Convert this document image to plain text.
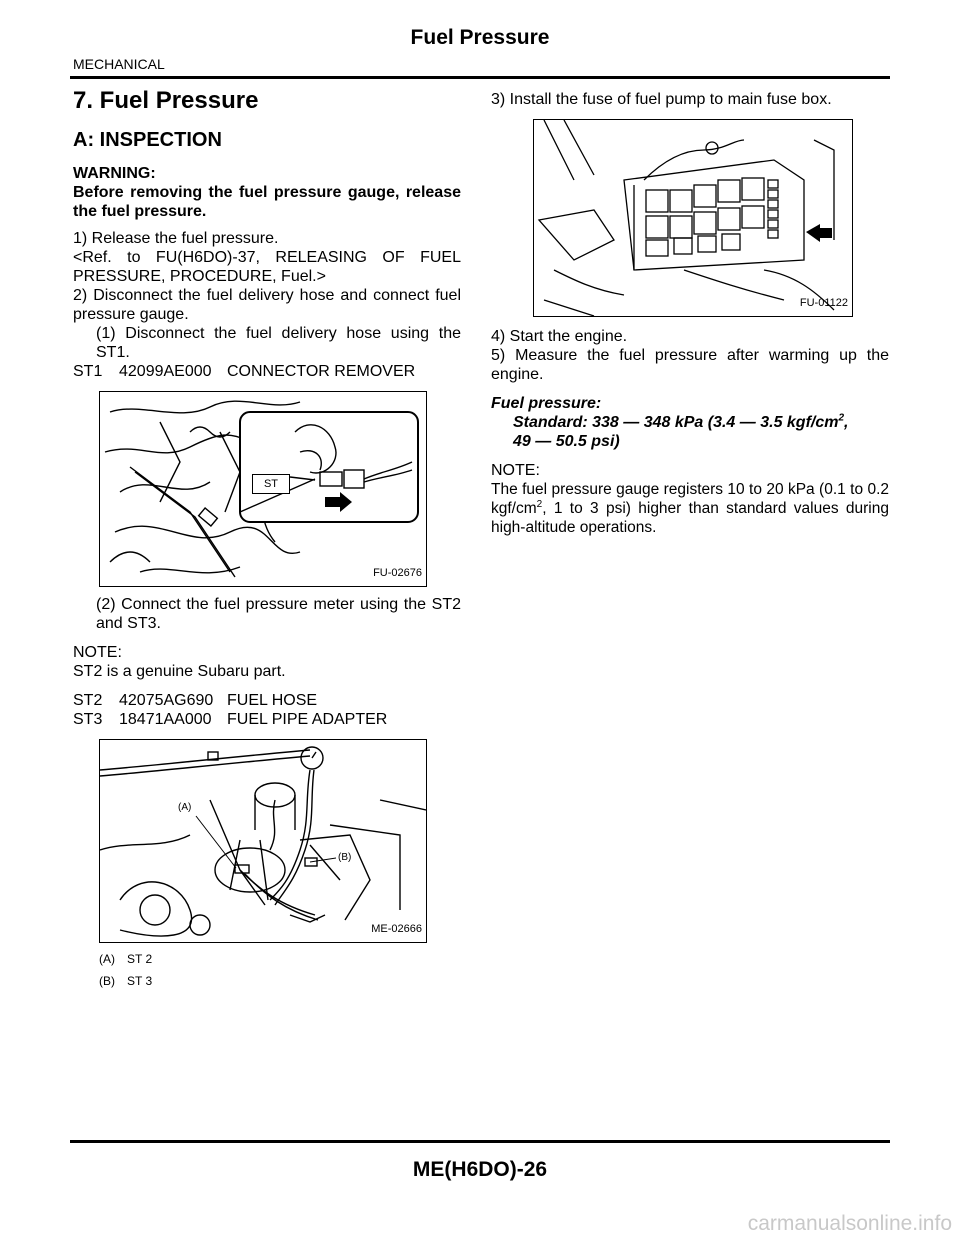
Fuel Pressure
MECHANICAL
7. Fuel Pressure
A: INSPECTION

WARNING:

Before removing the fuel pressure gauge, release the fuel pressure.

1) Release the fuel pressure.

<Ref. to FU(H6DO)-37, RELEASING OF FUEL PRESSURE, PROCEDURE, Fuel.>

2) Disconnect the fuel delivery hose and connect fuel pressure gauge.

(1) Disconnect the fuel delivery hose using the ST1.

ST1	42099AE000 CONNECTOR REMOVER

ST
FU-02676

(2) Connect the fuel pressure meter using the ST2 and ST3.

NOTE:

ST2 is a genuine Subaru part.

ST2	42075AG690 FUEL HOSE

ST3	18471AA000 FUEL PIPE ADAPTER

(A)
(B)
ME-02666
(A)	ST 2
(B)	ST 3

3) Install the fuse of fuel pump to main fuse box.

FU-01122

4) Start the engine.

5) Measure the fuel pressure after warming up the engine.

Fuel pressure:

Standard: 338 — 348 kPa (3.4 — 3.5 kgf/$cm^2$,

49 — 50.5 psi)

NOTE:

The fuel pressure gauge registers 10 to 20 kPa (0.1 to 0.2 kgf/$cm^2$, 1 to 3 psi) higher than standard values during high-altitude operations.

ME(H6DO)-26
carmanualsonline.info
